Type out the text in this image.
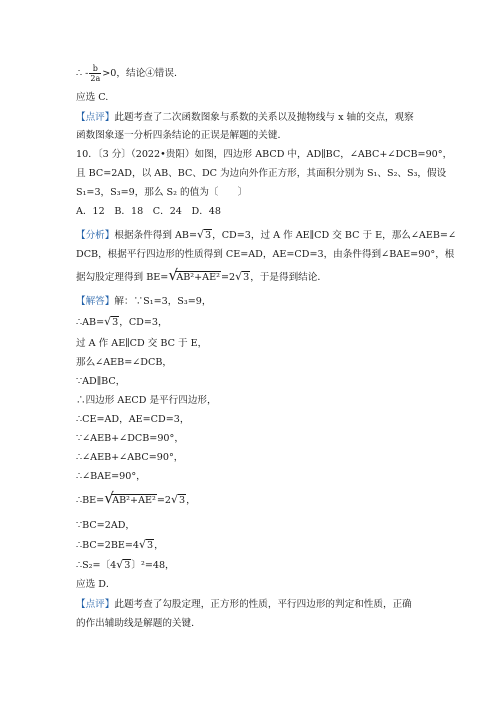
∴ - $\frac{b}{2a} >0$，结论④错误．
应选 C.
【点评】此题考查了二次函数图象与系数的关系以及抛物线与 x 轴的交点，观察
函数图象逐一分析四条结论的正误是解题的关键．
10．〔3 分〕（2022•贵阳）如图，四边形 ABCD 中，AD∥BC，∠ABC+∠DCB=90°，
且 BC=2AD，以 AB、BC、DC 为边向外作正方形，其面积分别为 S₁、S₂、S₃，假设
S₁=3，S₃=9，那么 S₂ 的值为〔　　〕
A．12　B．18　C．24　D．48
【分析】根据条件得到 AB= √ 3，CD=3，过 A 作 AE∥CD 交 BC 于 E，那么∠AEB=∠
DCB，根据平行四边形的性质得到 CE=AD，AE=CD=3，由条件得到∠BAE=90°，根
据勾股定理得到 BE= √
AB²+AE²=2 √ 3，于是得到结论．
【解答】解：∵S₁=3，S₃=9，
∴AB= √ 3，CD=3，
过 A 作 AE∥CD 交 BC 于 E，
那么∠AEB=∠DCB，
∵AD∥BC，
∴四边形 AECD 是平行四边形，
∴CE=AD，AE=CD=3，
∵∠AEB+∠DCB=90°，
∴∠AEB+∠ABC=90°，
∴∠BAE=90°，
∴BE= √
AB²+AE²=2 √ 3，
∵BC=2AD，
∴BC=2BE=4 √ 3，
∴S₂=〔4 √ 3〕²=48，
应选 D．
【点评】此题考查了勾股定理，正方形的性质，平行四边形的判定和性质，正确
的作出辅助线是解题的关键．
